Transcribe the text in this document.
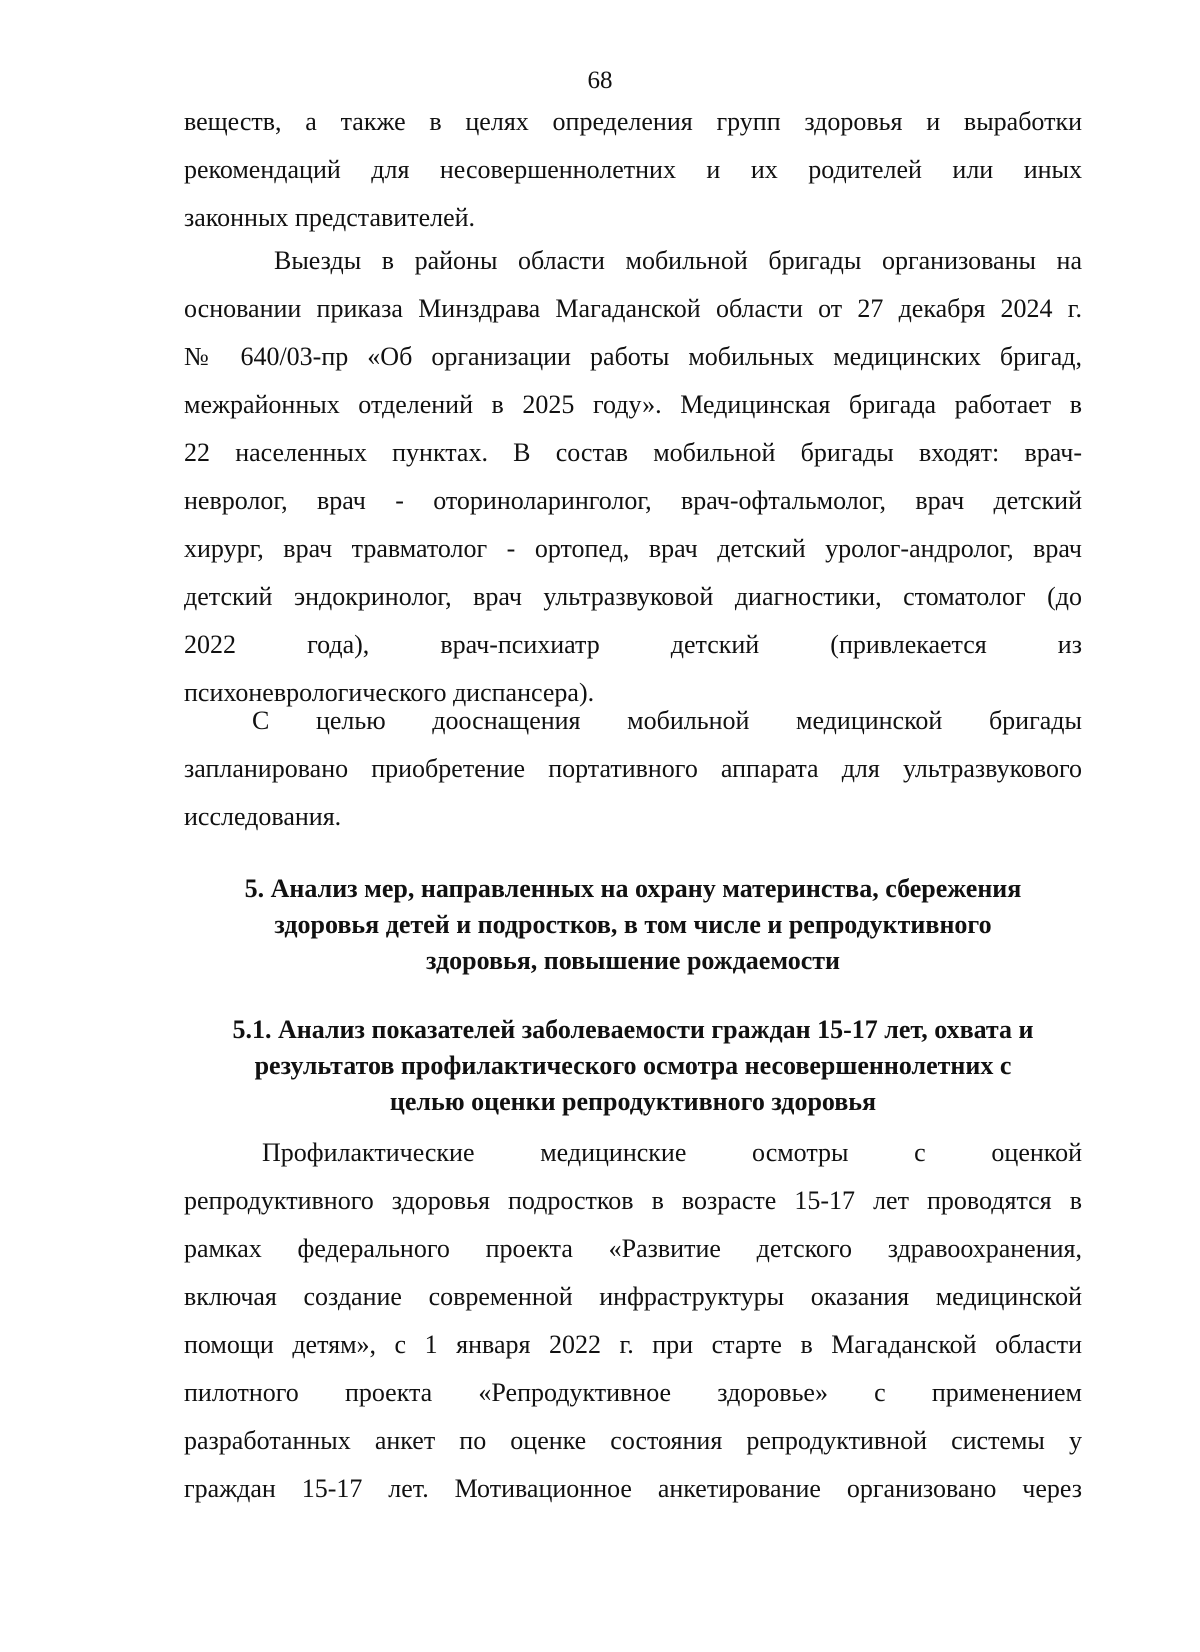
68
веществ, а также в целях определения групп здоровья и выработки
рекомендаций для несовершеннолетних и их родителей или иных
законных представителей.
Выезды в районы области мобильной бригады организованы на
основании приказа Минздрава Магаданской области от 27 декабря 2024 г.
№ 640/03-пр «Об организации работы мобильных медицинских бригад,
межрайонных отделений в 2025 году». Медицинская бригада работает в
22 населенных пунктах. В состав мобильной бригады входят: врач-
невролог, врач - оториноларинголог, врач-офтальмолог, врач детский
хирург, врач травматолог - ортопед, врач детский уролог-андролог, врач
детский эндокринолог, врач ультразвуковой диагностики, стоматолог (до
2022 года), врач-психиатр детский (привлекается из
психоневрологического диспансера).
С целью дооснащения мобильной медицинской бригады
запланировано приобретение портативного аппарата для ультразвукового
исследования.
5. Анализ мер, направленных на охрану материнства, сбережения
здоровья детей и подростков, в том числе и репродуктивного
здоровья, повышение рождаемости
5.1. Анализ показателей заболеваемости граждан 15-17 лет, охвата и
результатов профилактического осмотра несовершеннолетних с
целью оценки репродуктивного здоровья
Профилактические медицинские осмотры с оценкой
репродуктивного здоровья подростков в возрасте 15-17 лет проводятся в
рамках федерального проекта «Развитие детского здравоохранения,
включая создание современной инфраструктуры оказания медицинской
помощи детям», с 1 января 2022 г. при старте в Магаданской области
пилотного проекта «Репродуктивное здоровье» с применением
разработанных анкет по оценке состояния репродуктивной системы у
граждан 15-17 лет. Мотивационное анкетирование организовано через
